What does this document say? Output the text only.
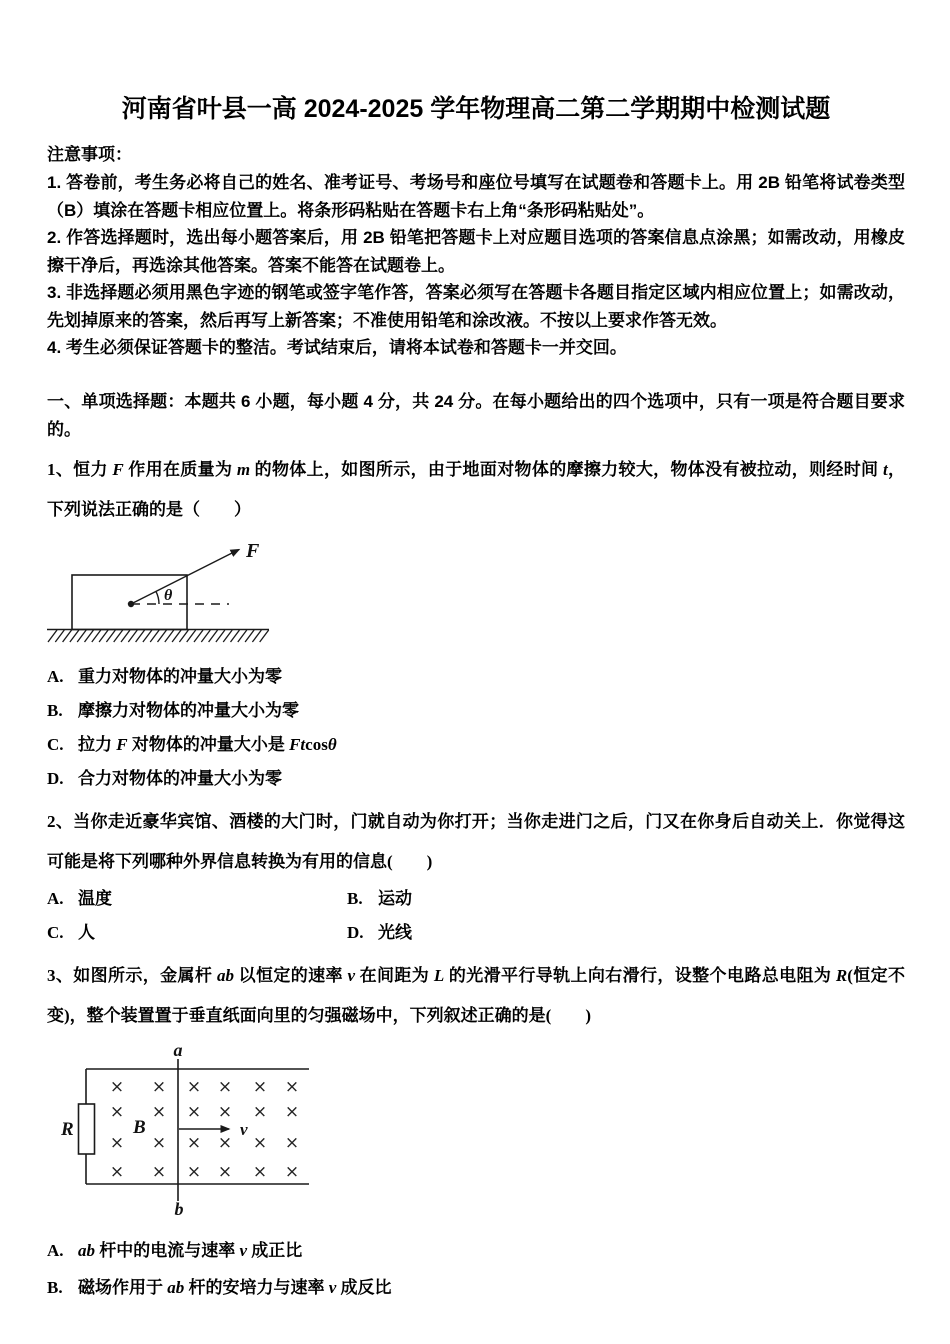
河南省叶县一高 2024-2025 学年物理高二第二学期期中检测试题

注意事项：

1. 答卷前，考生务必将自己的姓名、准考证号、考场号和座位号填写在试题卷和答题卡上。用 2B 铅笔将试卷类型（B）填涂在答题卡相应位置上。将条形码粘贴在答题卡右上角“条形码粘贴处”。

2. 作答选择题时，选出每小题答案后，用 2B 铅笔把答题卡上对应题目选项的答案信息点涂黑；如需改动，用橡皮擦干净后，再选涂其他答案。答案不能答在试题卷上。

3. 非选择题必须用黑色字迹的钢笔或签字笔作答，答案必须写在答题卡各题目指定区域内相应位置上；如需改动，先划掉原来的答案，然后再写上新答案；不准使用铅笔和涂改液。不按以上要求作答无效。

4. 考生必须保证答题卡的整洁。考试结束后，请将本试卷和答题卡一并交回。

一、单项选择题：本题共 6 小题，每小题 4 分，共 24 分。在每小题给出的四个选项中，只有一项是符合题目要求的。

1、恒力 F 作用在质量为 m 的物体上，如图所示，由于地面对物体的摩擦力较大，物体没有被拉动，则经时间 t，下列说法正确的是（　　）

θ
F
A. 重力对物体的冲量大小为零
B. 摩擦力对物体的冲量大小为零
C. 拉力 F 对物体的冲量大小是 Ftcosθ
D. 合力对物体的冲量大小为零

2、当你走近豪华宾馆、酒楼的大门时，门就自动为你打开；当你走进门之后，门又在你身后自动关上．你觉得这可能是将下列哪种外界信息转换为有用的信息(　　)

A. 温度	B. 运动
C. 人	D. 光线

3、如图所示，金属杆 ab 以恒定的速率 v 在间距为 L 的光滑平行导轨上向右滑行，设整个电路总电阻为 R(恒定不变)，整个装置置于垂直纸面向里的匀强磁场中，下列叙述正确的是(　　)

× × × × × ×
× × × × × ×
× × × × × ×
× × × × × ×
a
b
R	B	v
A. ab 杆中的电流与速率 v 成正比
B. 磁场作用于 ab 杆的安培力与速率 v 成反比
